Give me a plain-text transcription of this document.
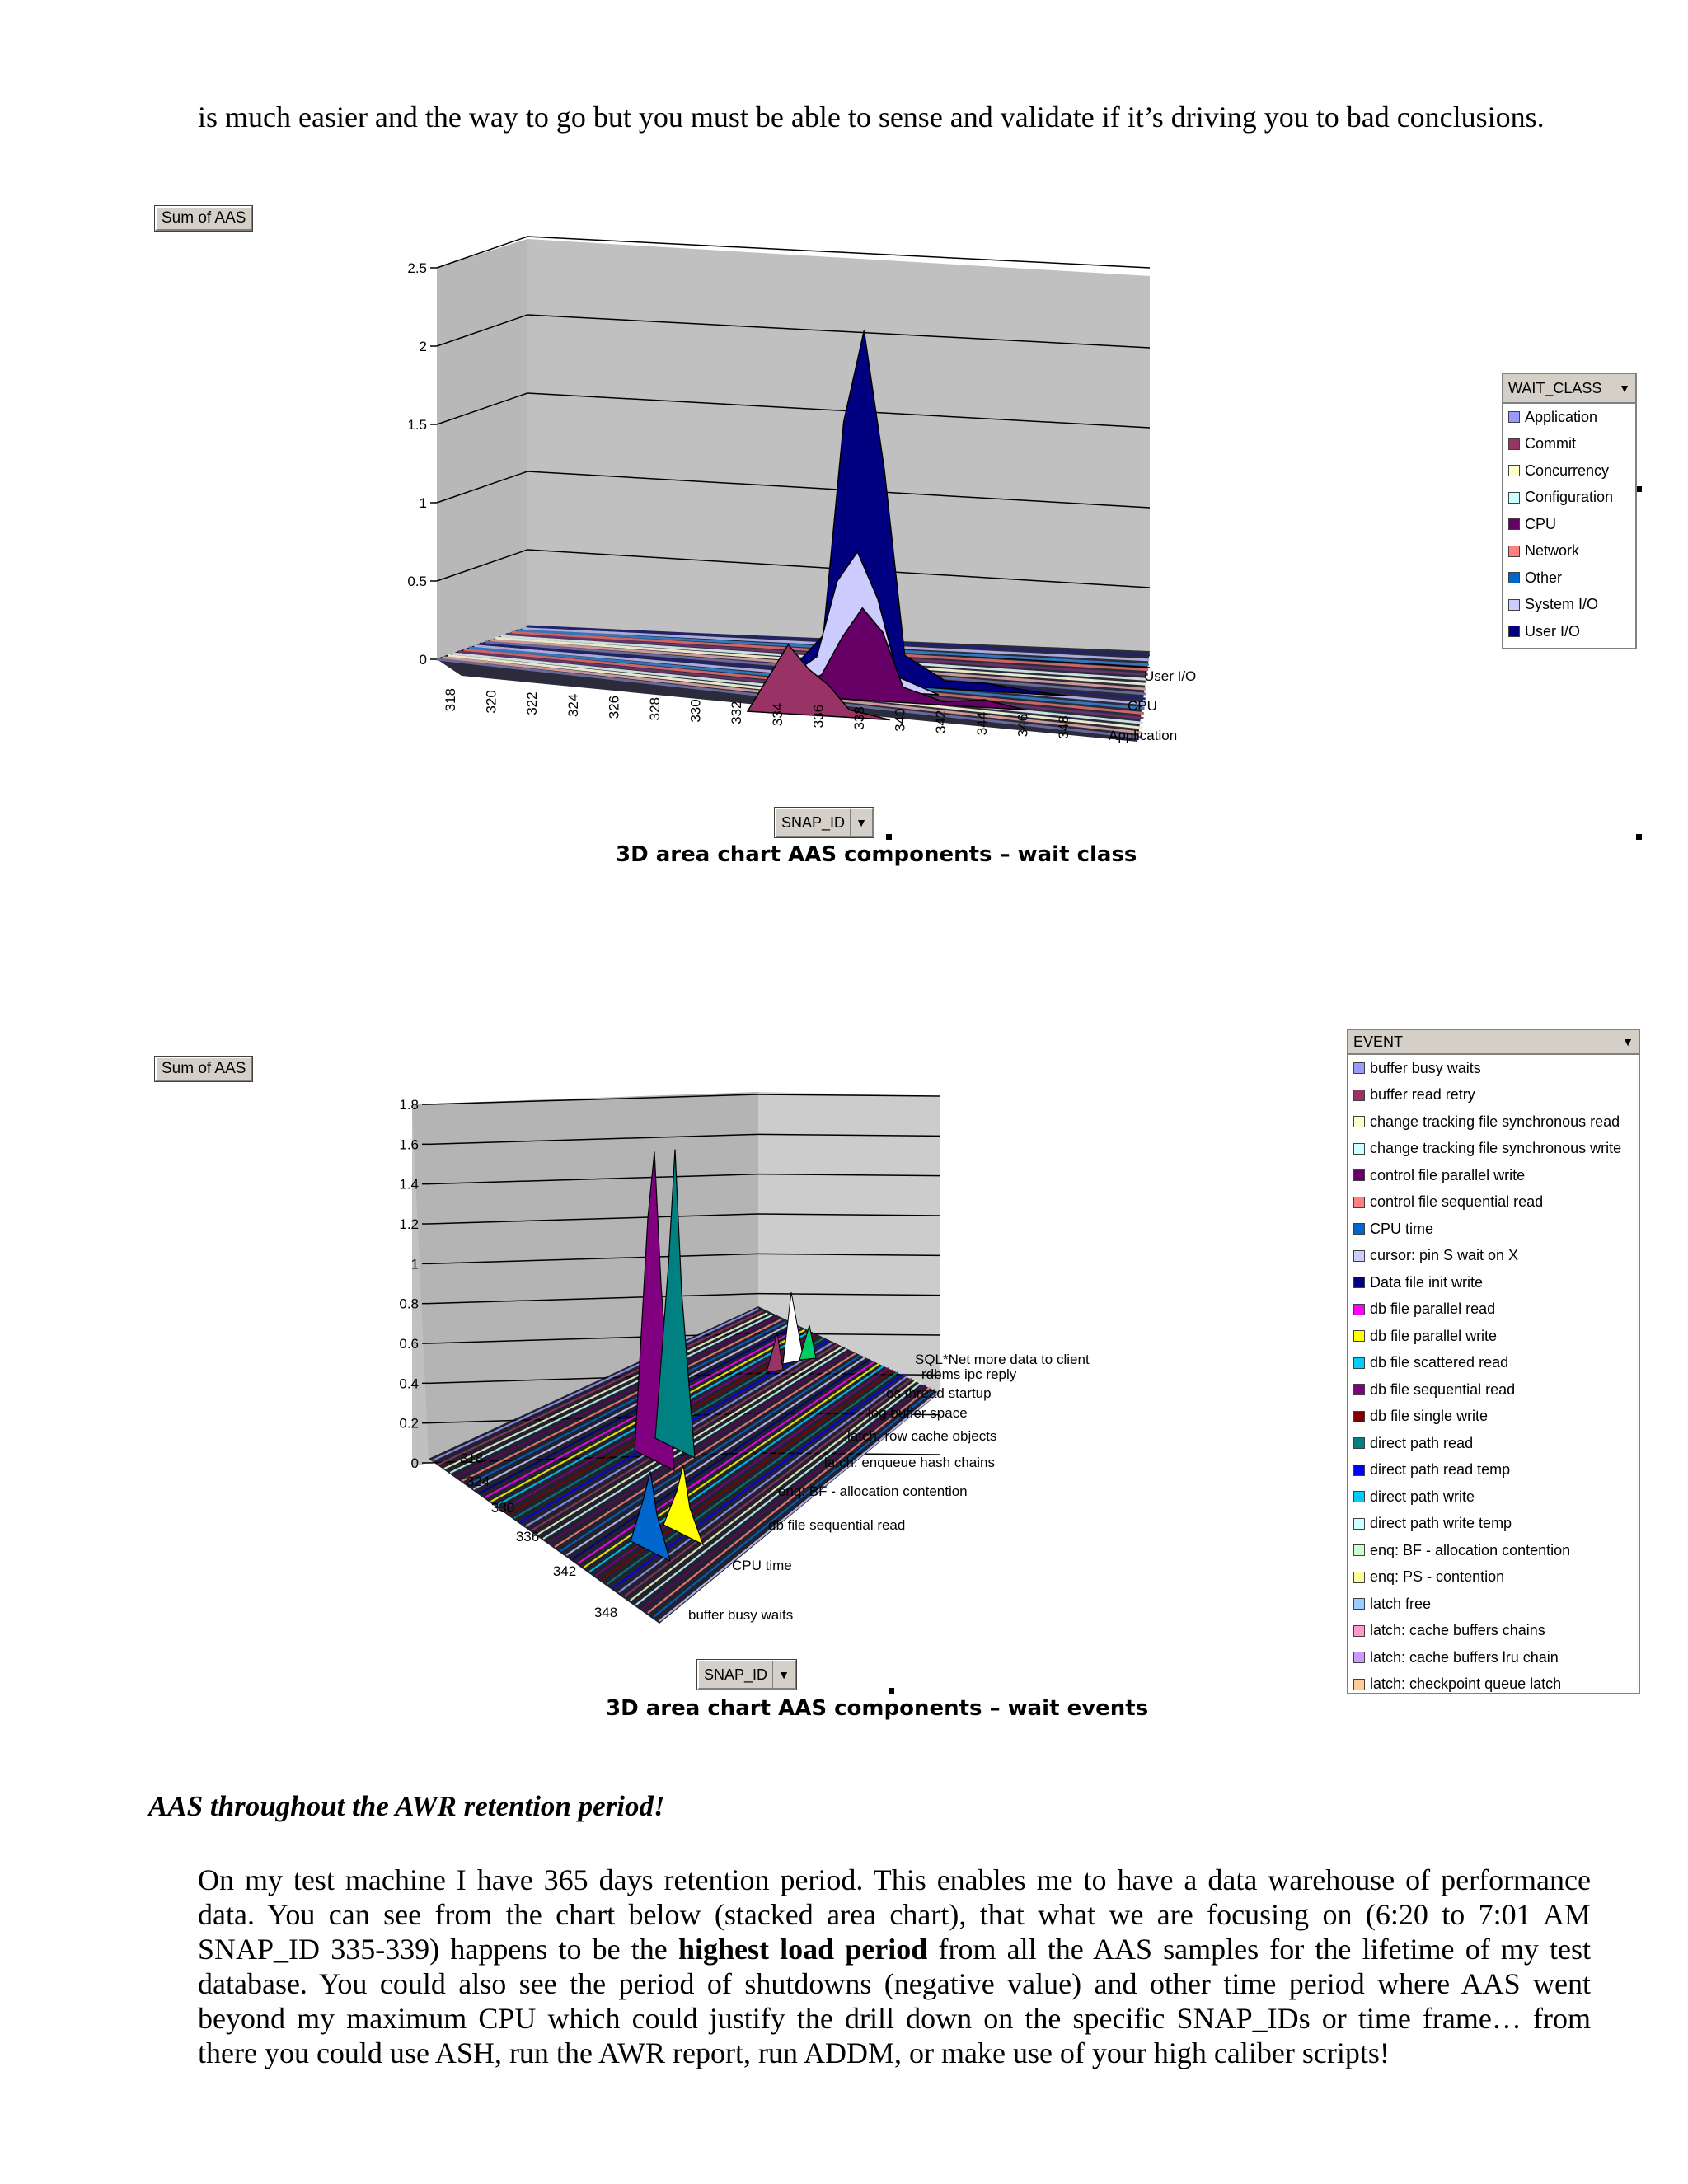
is much easier and the way to go but you must be able to sense and validate if it’s driving you to bad conclusions.
Sum of AAS
0
0.5
1
1.5
2
2.5
318 320 322 324 326 328 330 332 334 336 338 340 342 344 346 348
User I/O
CPU
Application
SNAP_ID ▼
3D area chart AAS components – wait class
WAIT_CLASS	▼
Application
Commit
Concurrency
Configuration
CPU
Network
Other
System I/O
User I/O
Sum of AAS
0
0.2
0.4
0.6
0.8
1
1.2
1.4
1.6
1.8
318
324
330
336
342
348
SQL*Net more data to client
rdbms ipc reply
os thread startup
log buffer space
latch: row cache objects
latch: enqueue hash chains
enq: BF - allocation contention
db file sequential read
CPU time
buffer busy waits
SNAP_ID ▼
3D area chart AAS components – wait events
EVENT	▼
buffer busy waits
buffer read retry
change tracking file synchronous read
change tracking file synchronous write
control file parallel write
control file sequential read
CPU time
cursor: pin S wait on X
Data file init write
db file parallel read
db file parallel write
db file scattered read
db file sequential read
db file single write
direct path read
direct path read temp
direct path write
direct path write temp
enq: BF - allocation contention
enq: PS - contention
latch free
latch: cache buffers chains
latch: cache buffers lru chain
latch: checkpoint queue latch
AAS throughout the AWR retention period!
On my test machine I have 365 days retention period. This enables me to have a data warehouse of performance
data. You can see from the chart below (stacked area chart), that what we are focusing on (6:20 to 7:01 AM
SNAP_ID 335-339) happens to be the highest load period from all the AAS samples for the lifetime of my test
database. You could also see the period of shutdowns (negative value) and other time period where AAS went
beyond my maximum CPU which could justify the drill down on the specific SNAP_IDs or time frame… from
there you could use ASH, run the AWR report, run ADDM, or make use of your high caliber scripts!
